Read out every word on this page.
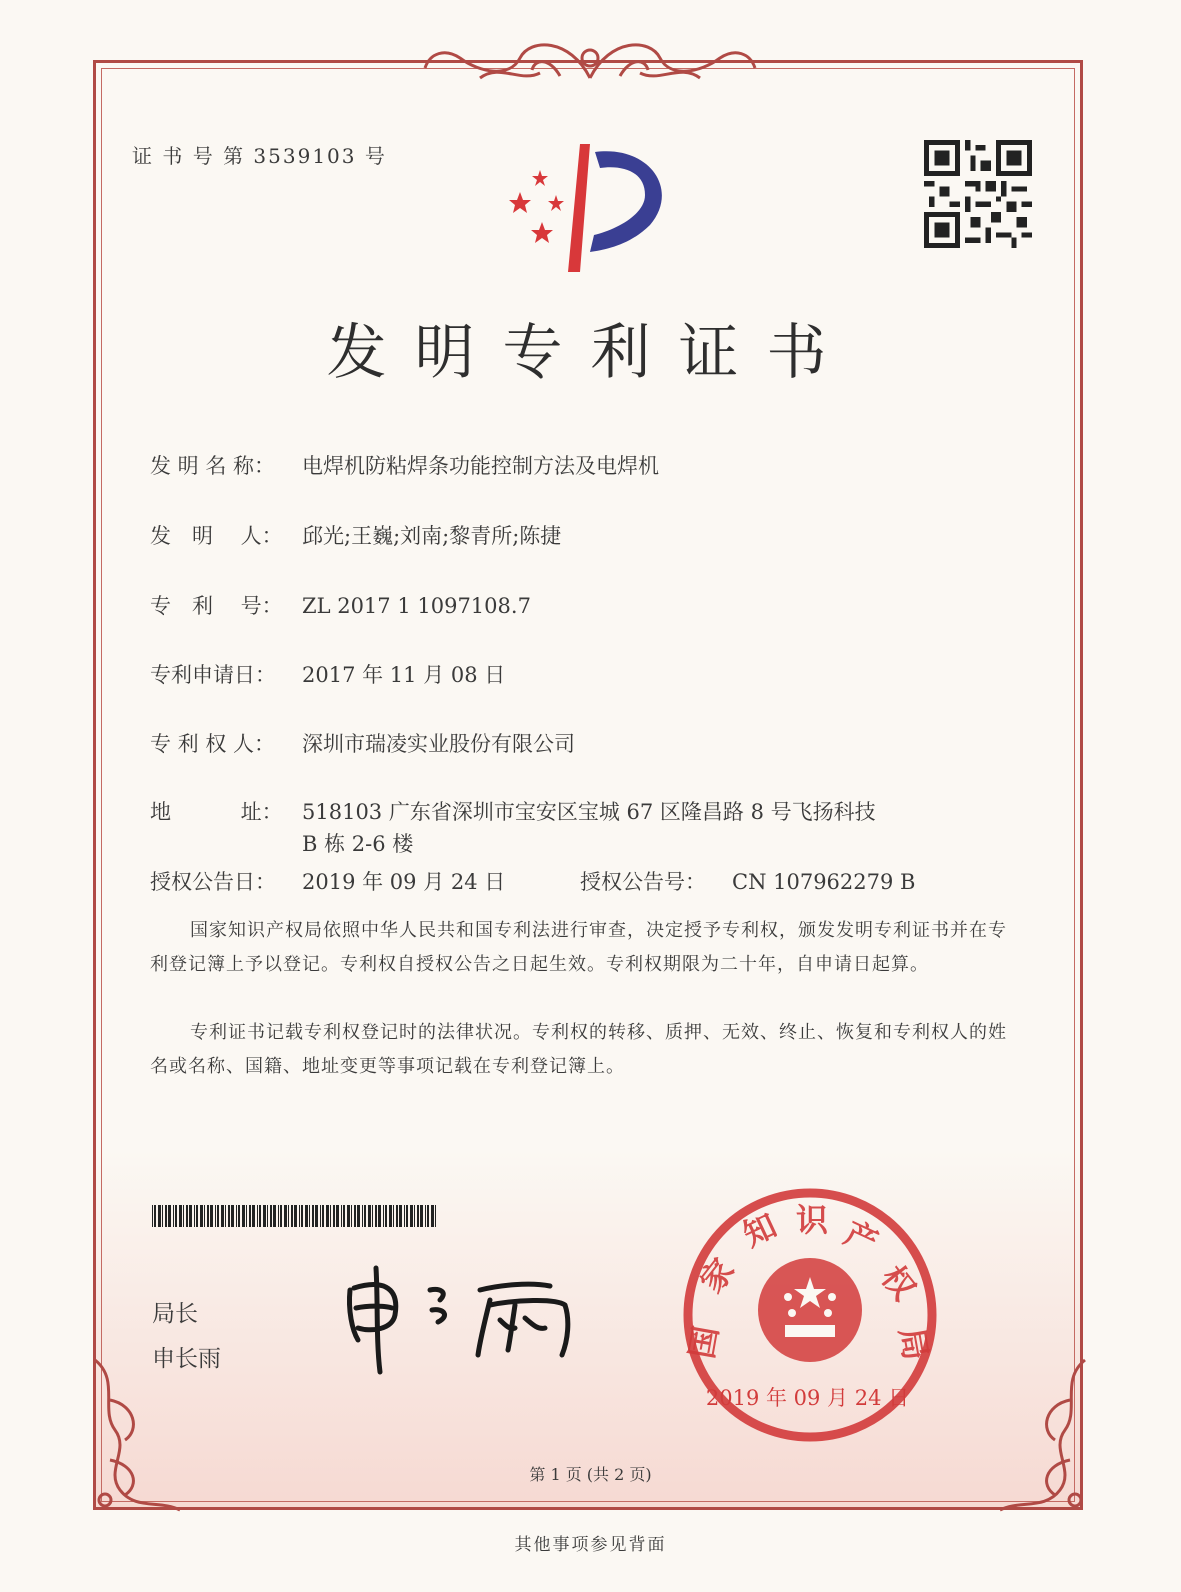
证 书 号 第 3539103 号
发明专利证书
发 明 名 称： 电焊机防粘焊条功能控制方法及电焊机
发　明　 人： 邱光;王巍;刘南;黎青所;陈捷
专　利　 号： ZL 2017 1 1097108.7
专利申请日： 2017 年 11 月 08 日
专 利 权 人： 深圳市瑞凌实业股份有限公司
地　　　 址： 518103 广东省深圳市宝安区宝城 67 区隆昌路 8 号飞扬科技
B 栋 2-6 楼
授权公告日： 2019 年 09 月 24 日	授权公告号： CN 107962279 B
国家知识产权局依照中华人民共和国专利法进行审查，决定授予专利权，颁发发明专利证书并在专利登记簿上予以登记。专利权自授权公告之日起生效。专利权期限为二十年，自申请日起算。
专利证书记载专利权登记时的法律状况。专利权的转移、质押、无效、终止、恢复和专利权人的姓名或名称、国籍、地址变更等事项记载在专利登记簿上。
局长
申长雨	国
家
知 识 产
权
局
2019 年 09 月 24 日
第 1 页 (共 2 页)
其他事项参见背面
